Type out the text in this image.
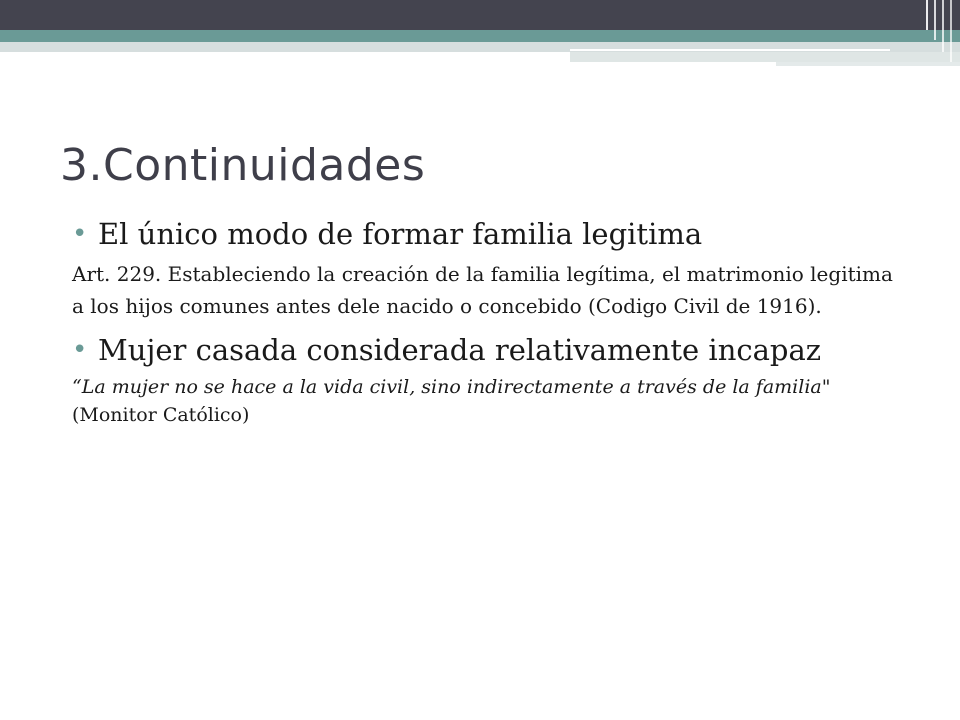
3.Continuidades
• El único modo de formar familia legitima

Art. 229. Estableciendo la creación de la familia legítima, el matrimonio legitima a los hijos comunes antes dele nacido o concebido (Codigo Civil de 1916).

• Mujer casada considerada relativamente incapaz

“La mujer no se hace a la vida civil, sino indirectamente a través de la familia" (Monitor Católico)
